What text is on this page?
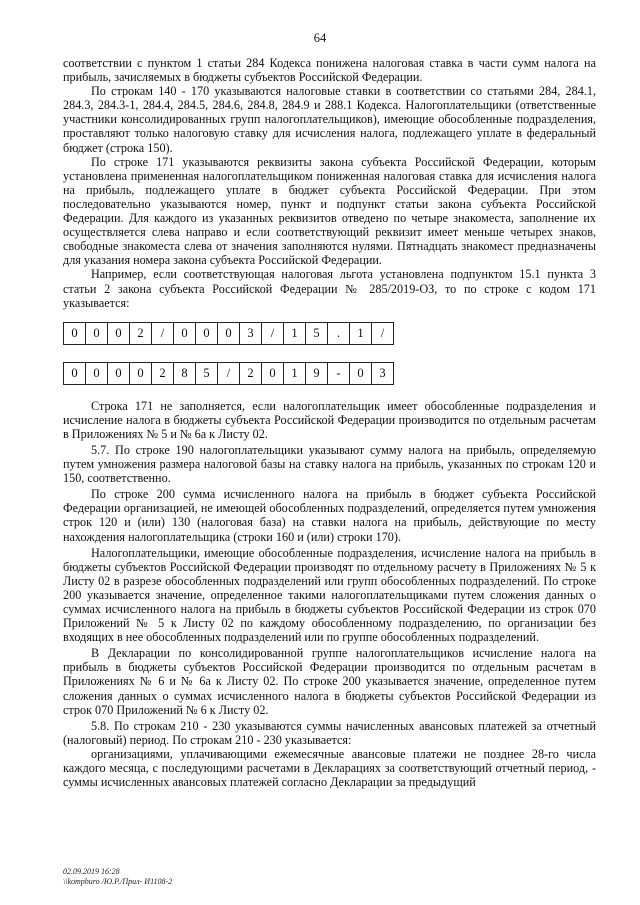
64

соответствии с пунктом 1 статьи 284 Кодекса понижена налоговая ставка в части сумм налога на прибыль, зачисляемых в бюджеты субъектов Российской Федерации.

По строкам 140 - 170 указываются налоговые ставки в соответствии со статьями 284, 284.1, 284.3, 284.3-1, 284.4, 284.5, 284.6, 284.8, 284.9 и 288.1 Кодекса. Налогоплательщики (ответственные участники консолидированных групп налогоплательщиков), имеющие обособленные подразделения, проставляют только налоговую ставку для исчисления налога, подлежащего уплате в федеральный бюджет (строка 150).

По строке 171 указываются реквизиты закона субъекта Российской Федерации, которым установлена примененная налогоплательщиком пониженная налоговая ставка для исчисления налога на прибыль, подлежащего уплате в бюджет субъекта Российской Федерации. При этом последовательно указываются номер, пункт и подпункт статьи закона субъекта Российской Федерации. Для каждого из указанных реквизитов отведено по четыре знакоместа, заполнение их осуществляется слева направо и если соответствующий реквизит имеет меньше четырех знаков, свободные знакоместа слева от значения заполняются нулями. Пятнадцать знакомест предназначены для указания номера закона субъекта Российской Федерации.

Например, если соответствующая налоговая льгота установлена подпунктом 15.1 пункта 3 статьи 2 закона субъекта Российской Федерации № 285/2019-ОЗ, то по строке с кодом 171 указывается:

0	0	0	2	/	0	0	0	3	/	1	5	.	1	/
0	0	0	0	2	8	5	/	2	0	1	9	-	0	3

Строка 171 не заполняется, если налогоплательщик имеет обособленные подразделения и исчисление налога в бюджеты субъекта Российской Федерации производится по отдельным расчетам в Приложениях № 5 и № 6а к Листу 02.

5.7. По строке 190 налогоплательщики указывают сумму налога на прибыль, определяемую путем умножения размера налоговой базы на ставку налога на прибыль, указанных по строкам 120 и 150, соответственно.

По строке 200 сумма исчисленного налога на прибыль в бюджет субъекта Российской Федерации организацией, не имеющей обособленных подразделений, определяется путем умножения строк 120 и (или) 130 (налоговая база) на ставки налога на прибыль, действующие по месту нахождения налогоплательщика (строки 160 и (или) строки 170).

Налогоплательщики, имеющие обособленные подразделения, исчисление налога на прибыль в бюджеты субъектов Российской Федерации производят по отдельному расчету в Приложениях № 5 к Листу 02 в разрезе обособленных подразделений или групп обособленных подразделений. По строке 200 указывается значение, определенное такими налогоплательщиками путем сложения данных о суммах исчисленного налога на прибыль в бюджеты субъектов Российской Федерации из строк 070 Приложений № 5 к Листу 02 по каждому обособленному подразделению, по организации без входящих в нее обособленных подразделений или по группе обособленных подразделений.

В Декларации по консолидированной группе налогоплательщиков исчисление налога на прибыль в бюджеты субъектов Российской Федерации производится по отдельным расчетам в Приложениях № 6 и № 6а к Листу 02. По строке 200 указывается значение, определенное путем сложения данных о суммах исчисленного налога в бюджеты субъектов Российской Федерации из строк 070 Приложений № 6 к Листу 02.

5.8. По строкам 210 - 230 указываются суммы начисленных авансовых платежей за отчетный (налоговый) период. По строкам 210 - 230 указывается:

организациями, уплачивающими ежемесячные авансовые платежи не позднее 28-го числа каждого месяца, с последующими расчетами в Декларациях за соответствующий отчетный период, - суммы исчисленных авансовых платежей согласно Декларации за предыдущий

02.09.2019 16:28
\\kompburo /Ю.Р./Прил- И1108-2
